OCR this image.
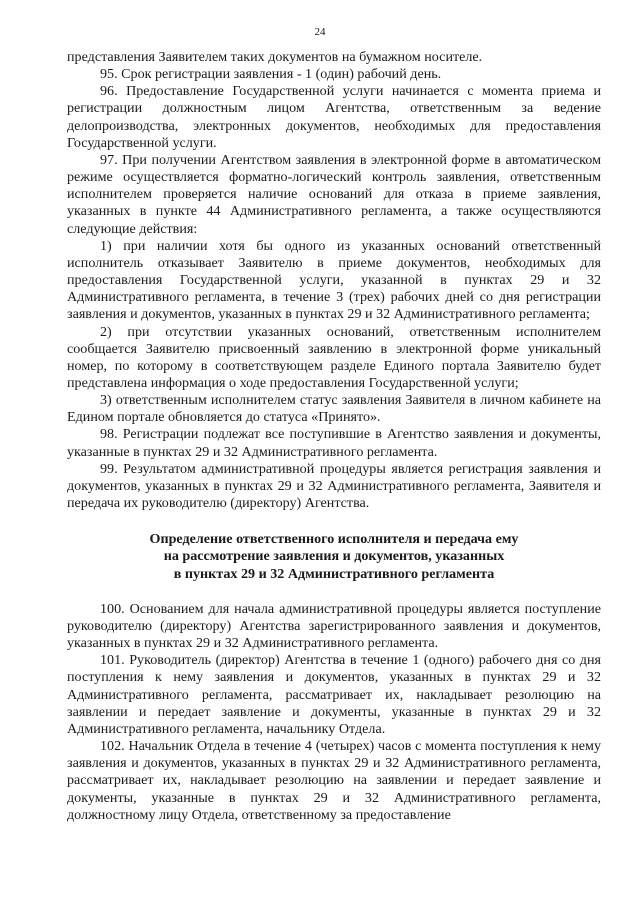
24

представления Заявителем таких документов на бумажном носителе.

95. Срок регистрации заявления - 1 (один) рабочий день.

96. Предоставление Государственной услуги начинается с момента приема и регистрации должностным лицом Агентства, ответственным за ведение делопроизводства, электронных документов, необходимых для предоставления Государственной услуги.

97. При получении Агентством заявления в электронной форме в автоматическом режиме осуществляется форматно-логический контроль заявления, ответственным исполнителем проверяется наличие оснований для отказа в приеме заявления, указанных в пункте 44 Административного регламента, а также осуществляются следующие действия:

1) при наличии хотя бы одного из указанных оснований ответственный исполнитель отказывает Заявителю в приеме документов, необходимых для предоставления Государственной услуги, указанной в пунктах 29 и 32 Административного регламента, в течение 3 (трех) рабочих дней со дня регистрации заявления и документов, указанных в пунктах 29 и 32 Административного регламента;

2) при отсутствии указанных оснований, ответственным исполнителем сообщается Заявителю присвоенный заявлению в электронной форме уникальный номер, по которому в соответствующем разделе Единого портала Заявителю будет представлена информация о ходе предоставления Государственной услуги;

3) ответственным исполнителем статус заявления Заявителя в личном кабинете на Едином портале обновляется до статуса «Принято».

98. Регистрации подлежат все поступившие в Агентство заявления и документы, указанные в пунктах 29 и 32 Административного регламента.

99. Результатом административной процедуры является регистрация заявления и документов, указанных в пунктах 29 и 32 Административного регламента, Заявителя и передача их руководителю (директору) Агентства.

Определение ответственного исполнителя и передача ему
на рассмотрение заявления и документов, указанных
в пунктах 29 и 32 Административного регламента

100. Основанием для начала административной процедуры является поступление руководителю (директору) Агентства зарегистрированного заявления и документов, указанных в пунктах 29 и 32 Административного регламента.

101. Руководитель (директор) Агентства в течение 1 (одного) рабочего дня со дня поступления к нему заявления и документов, указанных в пунктах 29 и 32 Административного регламента, рассматривает их, накладывает резолюцию на заявлении и передает заявление и документы, указанные в пунктах 29 и 32 Административного регламента, начальнику Отдела.

102. Начальник Отдела в течение 4 (четырех) часов с момента поступления к нему заявления и документов, указанных в пунктах 29 и 32 Административного регламента, рассматривает их, накладывает резолюцию на заявлении и передает заявление и документы, указанные в пунктах 29 и 32 Административного регламента, должностному лицу Отдела, ответственному за предоставление
